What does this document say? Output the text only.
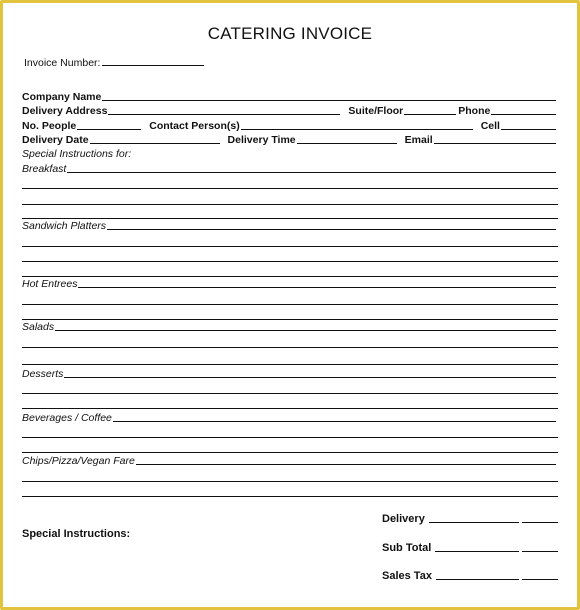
CATERING INVOICE
Invoice Number:
Company Name
Delivery Address	Suite/Floor	Phone
No. People	Contact Person(s)	Cell
Delivery Date	Delivery Time	Email
Special Instructions for:
Breakfast
Sandwich Platters
Hot Entrees
Salads
Desserts
Beverages / Coffee
Chips/Pizza/Vegan Fare
Special Instructions:
Delivery
Sub Total
Sales Tax
